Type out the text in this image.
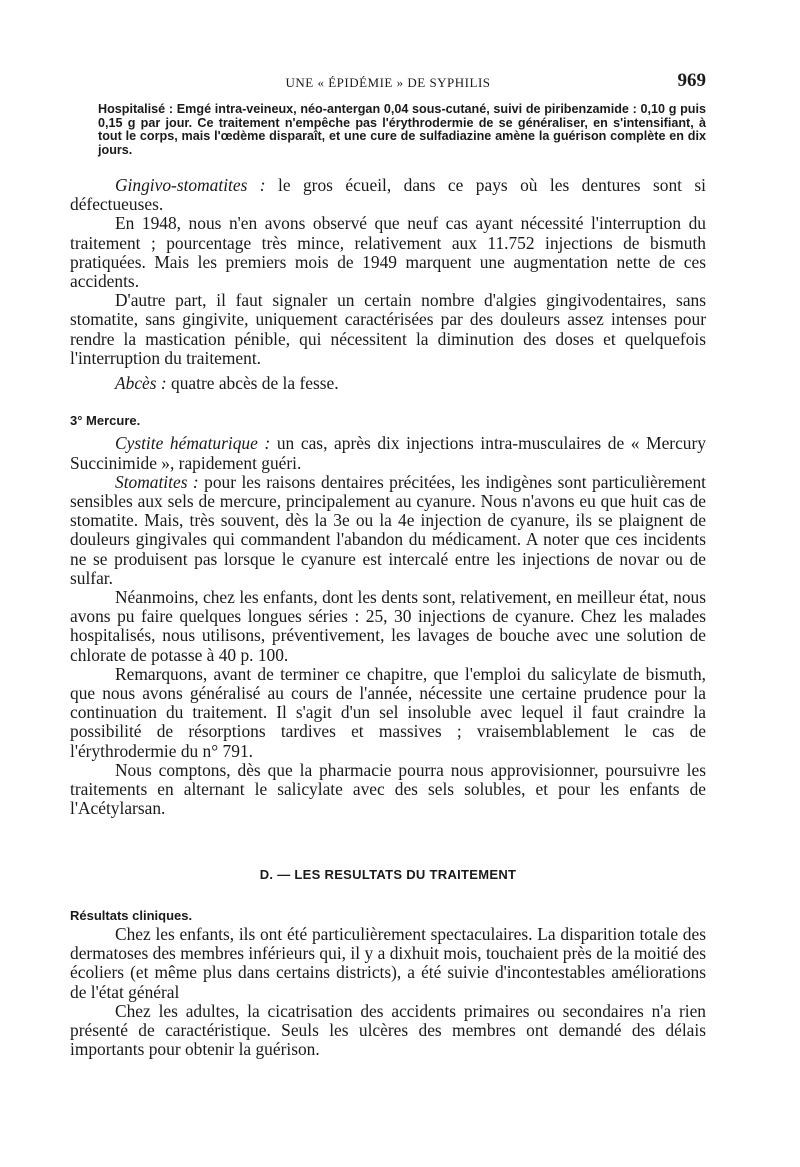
UNE « ÉPIDÉMIE » DE SYPHILIS	969
Hospitalisé : Emgé intra-veineux, néo-antergan 0,04 sous-cutané, suivi de piribenzamide : 0,10 g puis 0,15 g par jour. Ce traitement n'empêche pas l'érythrodermie de se généraliser, en s'intensifiant, à tout le corps, mais l'œdème disparaît, et une cure de sulfadiazine amène la guérison complète en dix jours.

Gingivo-stomatites : le gros écueil, dans ce pays où les dentures sont si défectueuses.

En 1948, nous n'en avons observé que neuf cas ayant nécessité l'interruption du traitement ; pourcentage très mince, relativement aux 11.752 injections de bismuth pratiquées. Mais les premiers mois de 1949 marquent une augmentation nette de ces accidents.

D'autre part, il faut signaler un certain nombre d'algies gingivodentaires, sans stomatite, sans gingivite, uniquement caractérisées par des douleurs assez intenses pour rendre la mastication pénible, qui nécessitent la diminution des doses et quelquefois l'interruption du traitement.

Abcès : quatre abcès de la fesse.

3° Mercure.

Cystite hématurique : un cas, après dix injections intra-musculaires de « Mercury Succinimide », rapidement guéri.

Stomatites : pour les raisons dentaires précitées, les indigènes sont particulièrement sensibles aux sels de mercure, principalement au cyanure. Nous n'avons eu que huit cas de stomatite. Mais, très souvent, dès la 3e ou la 4e injection de cyanure, ils se plaignent de douleurs gingivales qui commandent l'abandon du médicament. A noter que ces incidents ne se produisent pas lorsque le cyanure est intercalé entre les injections de novar ou de sulfar.

Néanmoins, chez les enfants, dont les dents sont, relativement, en meilleur état, nous avons pu faire quelques longues séries : 25, 30 injections de cyanure. Chez les malades hospitalisés, nous utilisons, préventivement, les lavages de bouche avec une solution de chlorate de potasse à 40 p. 100.

Remarquons, avant de terminer ce chapitre, que l'emploi du salicylate de bismuth, que nous avons généralisé au cours de l'année, nécessite une certaine prudence pour la continuation du traitement. Il s'agit d'un sel insoluble avec lequel il faut craindre la possibilité de résorptions tardives et massives ; vraisemblablement le cas de l'érythrodermie du n° 791.

Nous comptons, dès que la pharmacie pourra nous approvisionner, poursuivre les traitements en alternant le salicylate avec des sels solubles, et pour les enfants de l'Acétylarsan.

D. — LES RESULTATS DU TRAITEMENT
Résultats cliniques.

Chez les enfants, ils ont été particulièrement spectaculaires. La disparition totale des dermatoses des membres inférieurs qui, il y a dixhuit mois, touchaient près de la moitié des écoliers (et même plus dans certains districts), a été suivie d'incontestables améliorations de l'état général

Chez les adultes, la cicatrisation des accidents primaires ou secondaires n'a rien présenté de caractéristique. Seuls les ulcères des membres ont demandé des délais importants pour obtenir la guérison.
